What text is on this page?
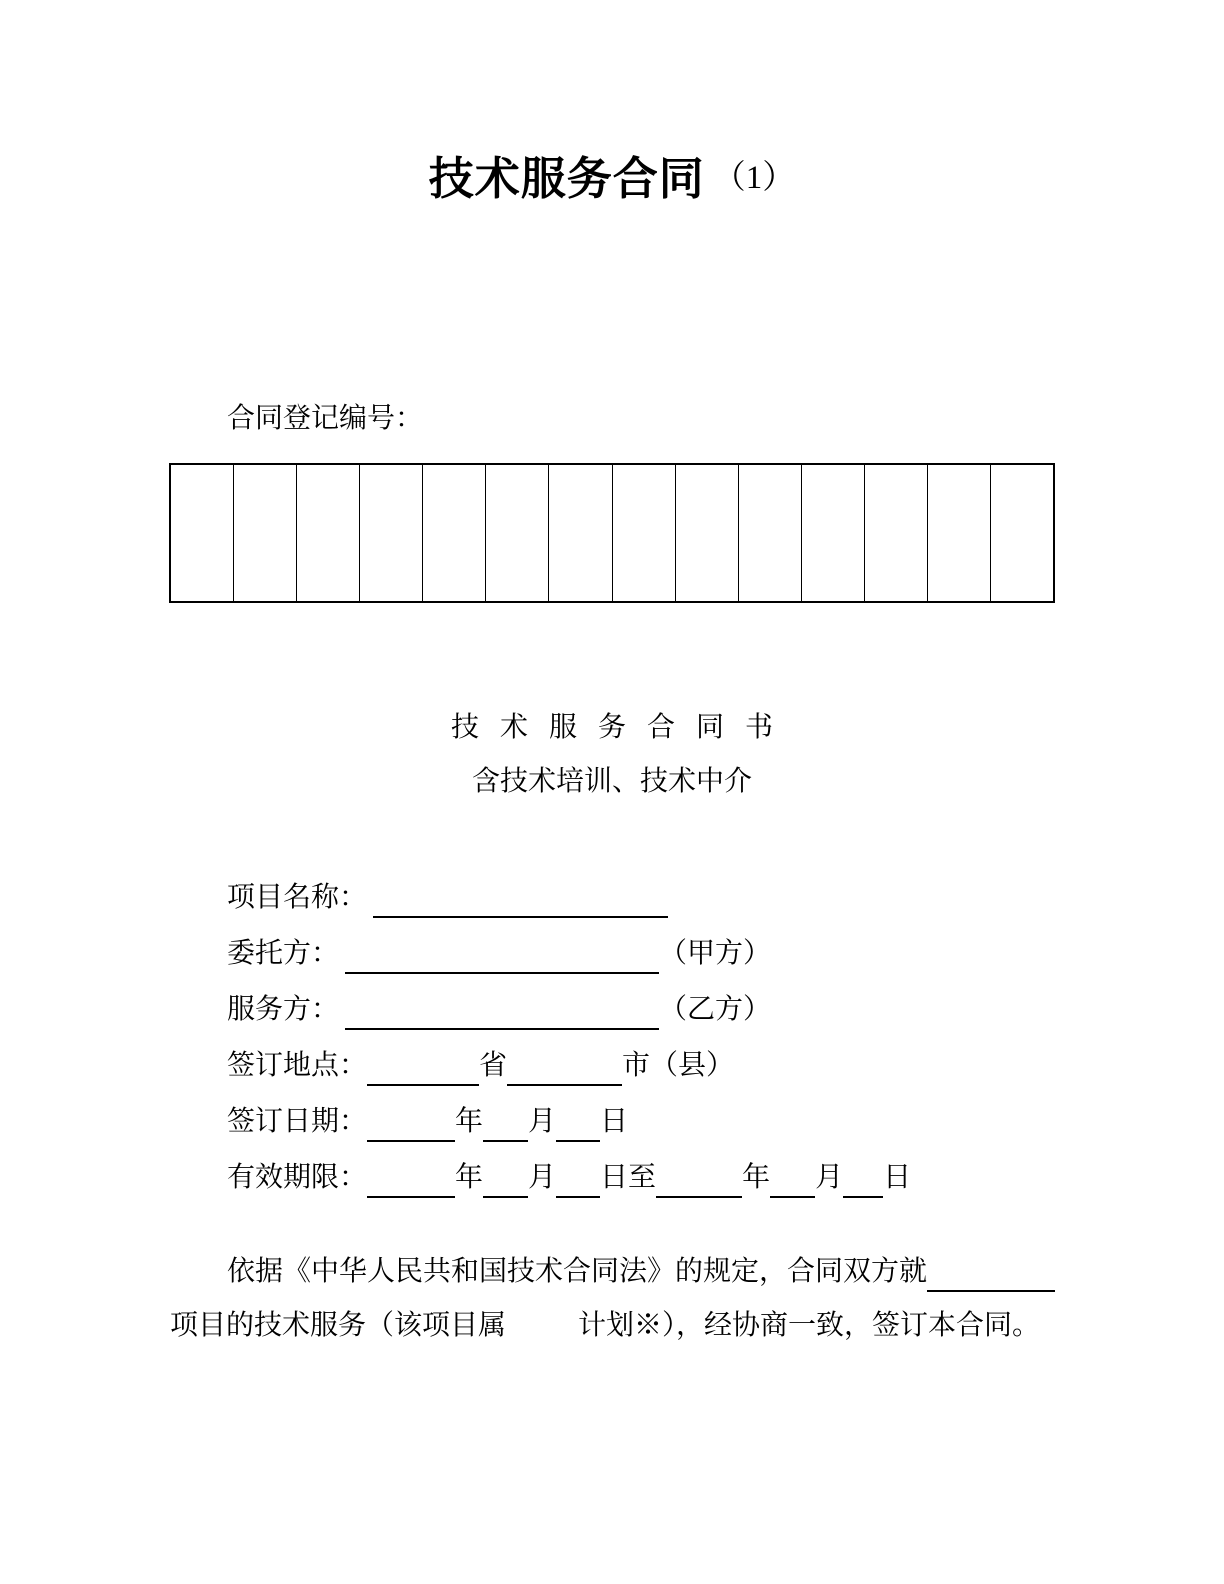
技术服务合同 （1）
合同登记编号：
技术服务合同书
含技术培训、技术中介
项目名称：
委托方：	（甲方）
服务方：	（乙方）
签订地点：	省	市（县）
签订日期：	年 月 日
有效期限：	年 月 日至	年 月 日
依据《中华人民共和国技术合同法》的规定，合同双方就
项目的技术服务（该项目属	计划※），经协商一致，签订本合同。
